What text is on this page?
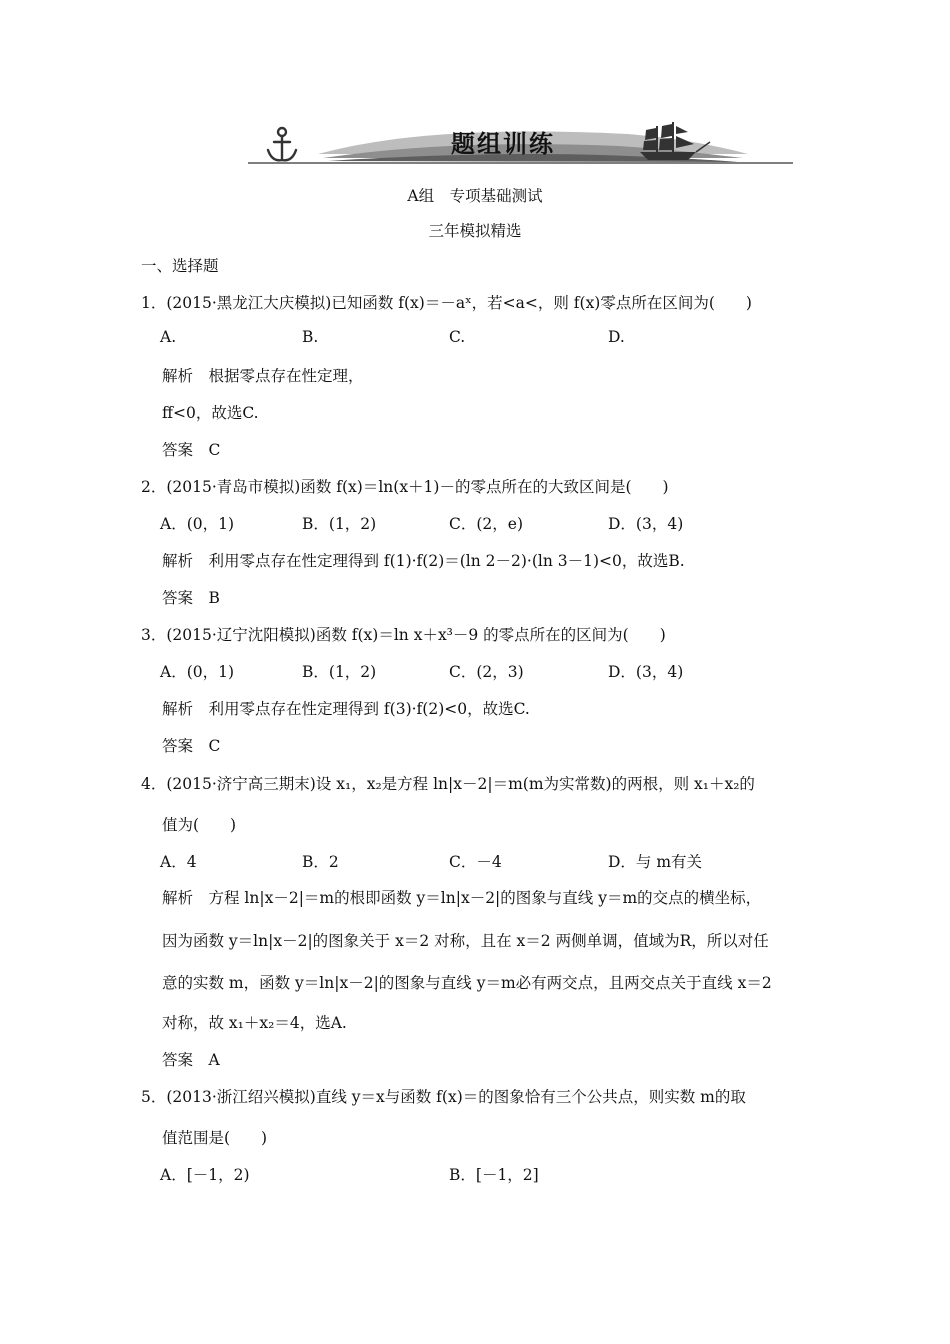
题组训练
A组　专项基础测试
三年模拟精选
一、选择题
1．(2015·黑龙江大庆模拟)已知函数 f(x)＝－aˣ，若<a<，则 f(x)零点所在区间为(　　)
A.	B.	C.	D.
解析　根据零点存在性定理，
ff<0，故选C.
答案　C
2．(2015·青岛市模拟)函数 f(x)＝ln(x＋1)－的零点所在的大致区间是(　　)
A．(0，1)	B．(1，2)	C．(2，e)	D．(3，4)
解析　利用零点存在性定理得到 f(1)·f(2)＝(ln 2－2)·(ln 3－1)<0，故选B.
答案　B
3．(2015·辽宁沈阳模拟)函数 f(x)＝ln x＋x³－9 的零点所在的区间为(　　)
A．(0，1)	B．(1，2)	C．(2，3)	D．(3，4)
解析　利用零点存在性定理得到 f(3)·f(2)<0，故选C.
答案　C
4．(2015·济宁高三期末)设 x₁，x₂是方程 ln|x－2|＝m(m为实常数)的两根，则 x₁＋x₂的
值为(　　)
A．4	B．2	C．－4	D．与 m有关
解析　方程 ln|x－2|＝m的根即函数 y＝ln|x－2|的图象与直线 y＝m的交点的横坐标，
因为函数 y＝ln|x－2|的图象关于 x＝2 对称，且在 x＝2 两侧单调，值域为R，所以对任
意的实数 m，函数 y＝ln|x－2|的图象与直线 y＝m必有两交点，且两交点关于直线 x＝2
对称，故 x₁＋x₂＝4，选A.
答案　A
5．(2013·浙江绍兴模拟)直线 y＝x与函数 f(x)＝的图象恰有三个公共点，则实数 m的取
值范围是(　　)
A．[－1，2)	B．[－1，2]
